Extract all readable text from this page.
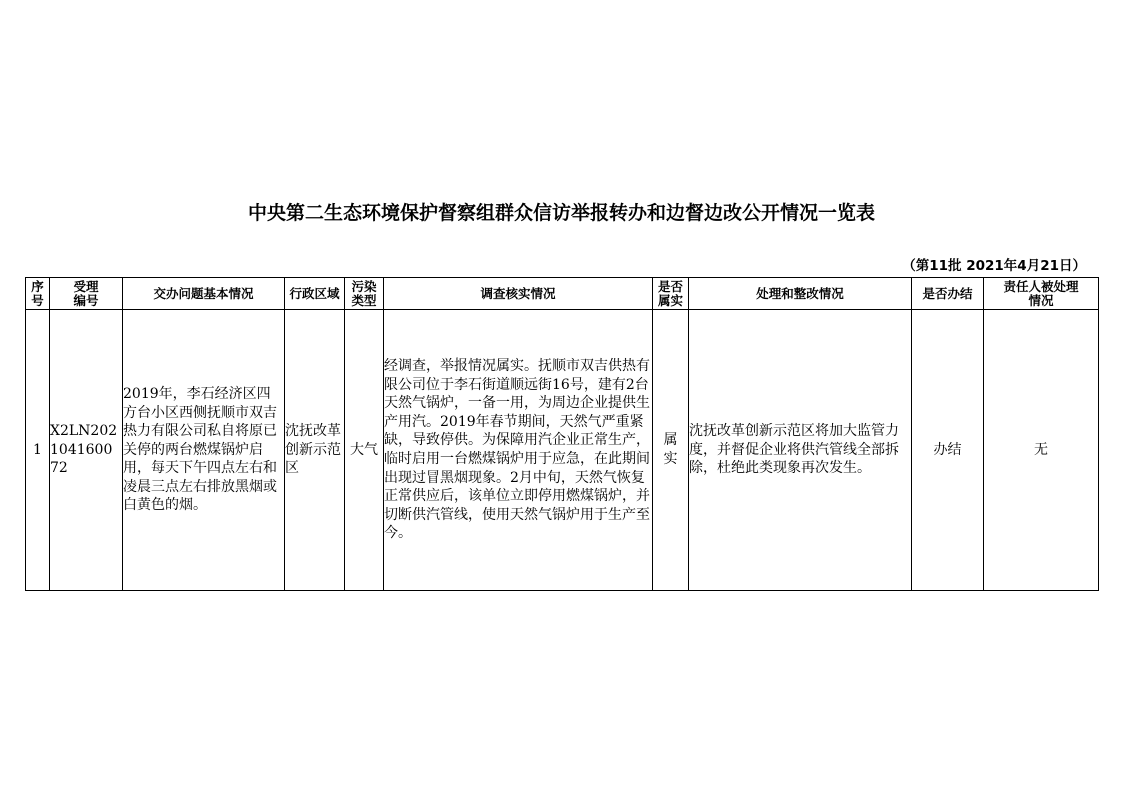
中央第二生态环境保护督察组群众信访举报转办和边督边改公开情况一览表
（第11批 2021年4月21日）
序号	受理编号	交办问题基本情况	行政区域	污染类型	调查核实情况	是否属实	处理和整改情况	是否办结	责任人被处理情况
1	X2LN2021041600 72	2019年，李石经济区四方台小区西侧抚顺市双吉热力有限公司私自将原已关停的两台燃煤锅炉启用，每天下午四点左右和凌晨三点左右排放黑烟或白黄色的烟。	沈抚改革创新示范区	大气	经调查，举报情况属实。抚顺市双吉供热有限公司位于李石街道顺远街16号，建有2台天然气锅炉，一备一用，为周边企业提供生产用汽。2019年春节期间，天然气严重紧缺，导致停供。为保障用汽企业正常生产，临时启用一台燃煤锅炉用于应急，在此期间出现过冒黑烟现象。2月中旬，天然气恢复正常供应后，该单位立即停用燃煤锅炉，并切断供汽管线，使用天然气锅炉用于生产至今。	属实	沈抚改革创新示范区将加大监管力度，并督促企业将供汽管线全部拆除，杜绝此类现象再次发生。	办结	无
